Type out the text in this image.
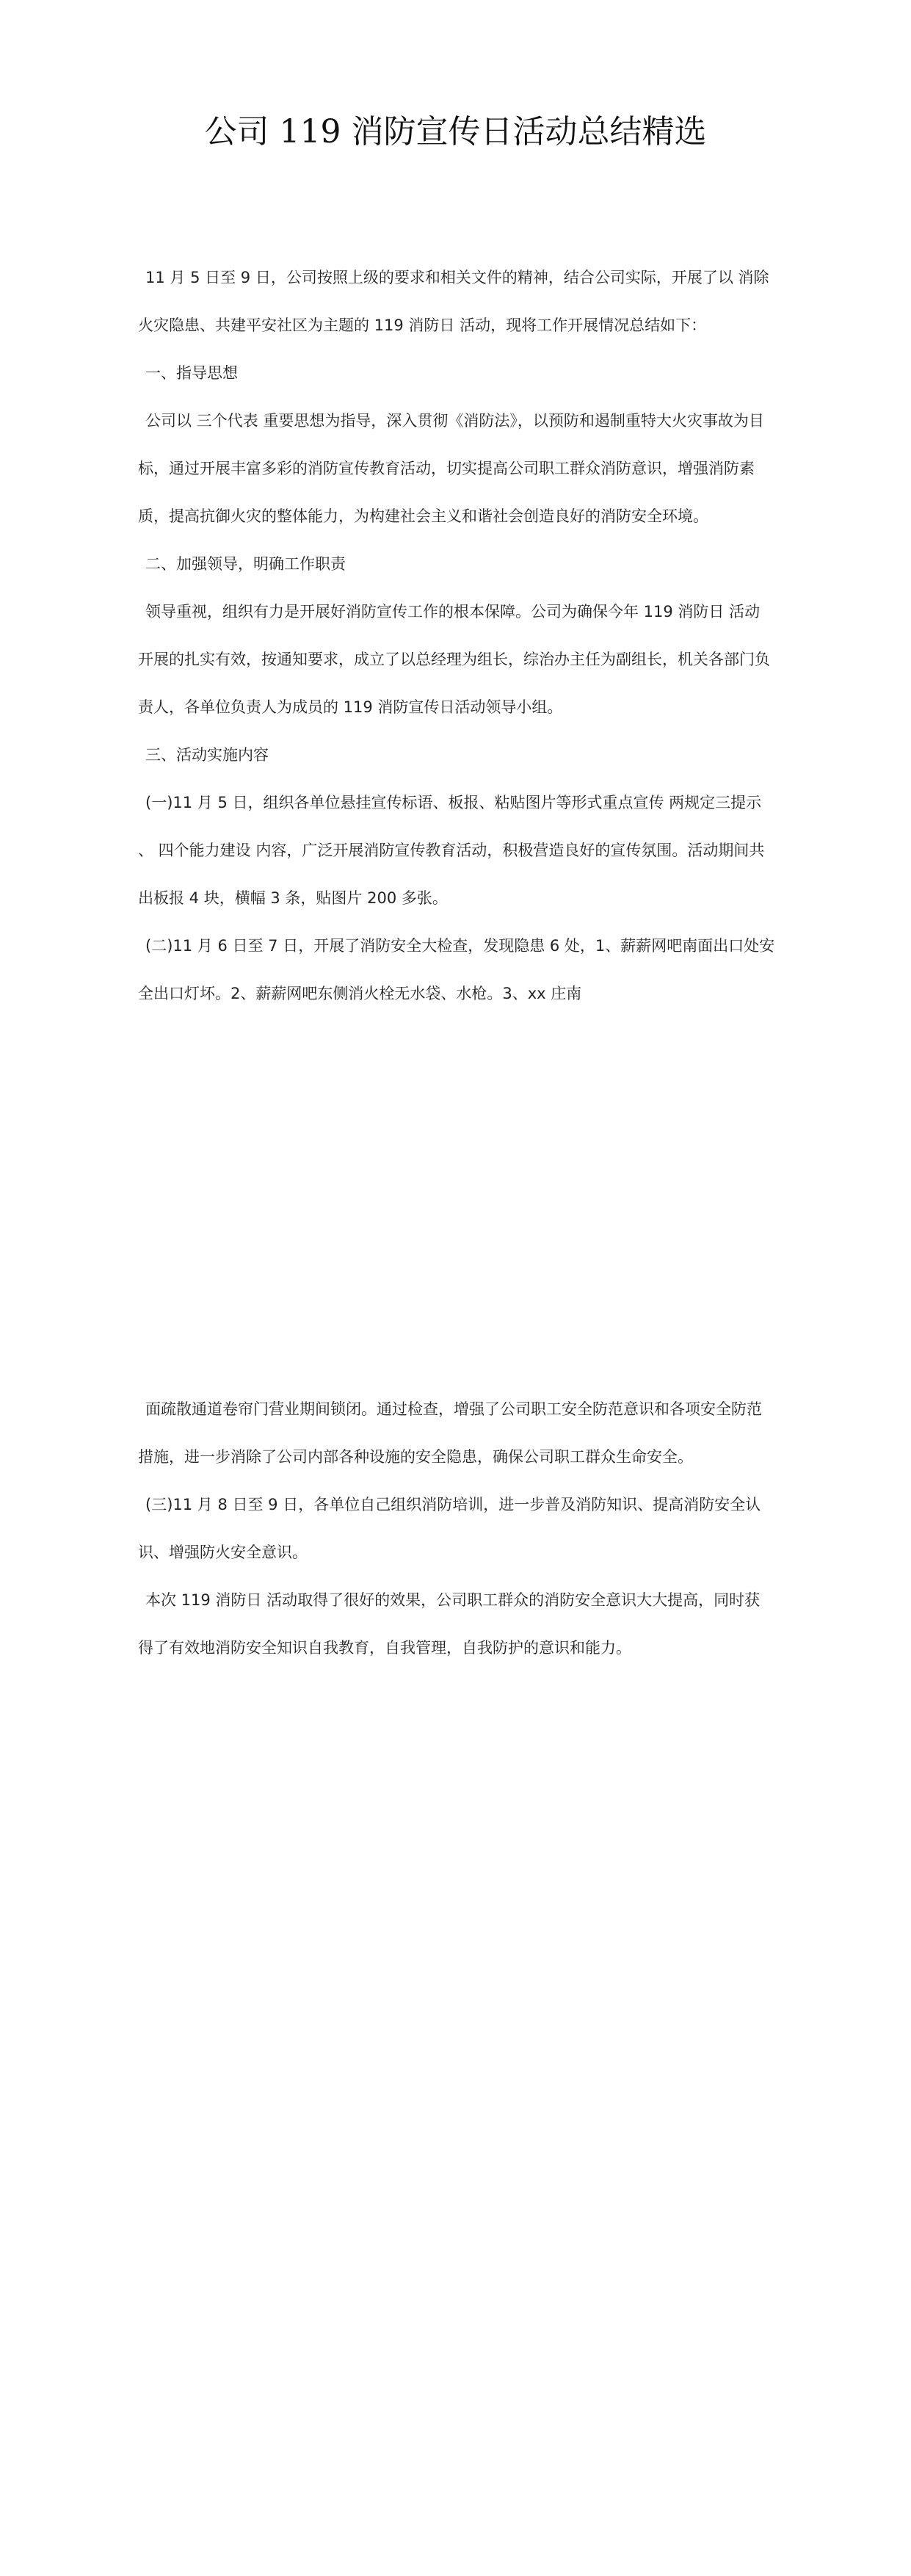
公司 119 消防宣传日活动总结精选

11 月 5 日至 9 日，公司按照上级的要求和相关文件的精神，结合公司实际，开展了以 消除火灾隐患、共建平安社区为主题的 119 消防日 活动，现将工作开展情况总结如下：

一、指导思想

公司以 三个代表 重要思想为指导，深入贯彻《消防法》，以预防和遏制重特大火灾事故为目标，通过开展丰富多彩的消防宣传教育活动，切实提高公司职工群众消防意识，增强消防素质，提高抗御火灾的整体能力，为构建社会主义和谐社会创造良好的消防安全环境。

二、加强领导，明确工作职责

领导重视，组织有力是开展好消防宣传工作的根本保障。公司为确保今年 119 消防日 活动开展的扎实有效，按通知要求，成立了以总经理为组长，综治办主任为副组长，机关各部门负责人，各单位负责人为成员的 119 消防宣传日活动领导小组。

三、活动实施内容

(一)11 月 5 日，组织各单位悬挂宣传标语、板报、粘贴图片等形式重点宣传 两规定三提示 、 四个能力建设 内容，广泛开展消防宣传教育活动，积极营造良好的宣传氛围。活动期间共出板报 4 块，横幅 3 条，贴图片 200 多张。

(二)11 月 6 日至 7 日，开展了消防安全大检查，发现隐患 6 处，1、薪薪网吧南面出口处安全出口灯坏。2、薪薪网吧东侧消火栓无水袋、水枪。3、xx 庄南

面疏散通道卷帘门营业期间锁闭。通过检查，增强了公司职工安全防范意识和各项安全防范措施，进一步消除了公司内部各种设施的安全隐患，确保公司职工群众生命安全。

(三)11 月 8 日至 9 日，各单位自己组织消防培训，进一步普及消防知识、提高消防安全认识、增强防火安全意识。

本次 119 消防日 活动取得了很好的效果，公司职工群众的消防安全意识大大提高，同时获得了有效地消防安全知识自我教育，自我管理，自我防护的意识和能力。
